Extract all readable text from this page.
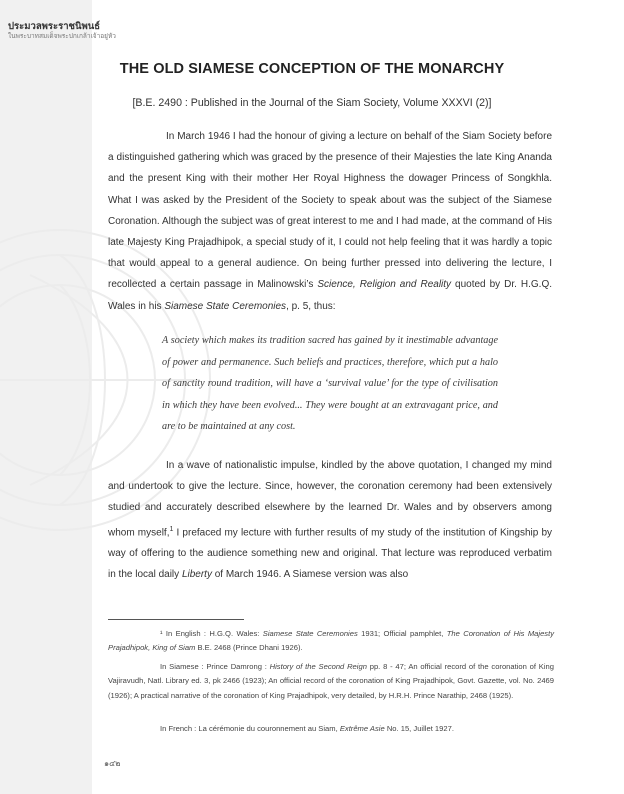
ประมวลพระราชนิพนธ์
ในพระบาทสมเด็จพระปกเกล้าเจ้าอยู่หัว
THE OLD SIAMESE CONCEPTION OF THE MONARCHY

[B.E. 2490 : Published in the Journal of the Siam Society, Volume XXXVI (2)]

In March 1946 I had the honour of giving a lecture on behalf of the Siam Society before a distinguished gathering which was graced by the presence of their Majesties the late King Ananda and the present King with their mother Her Royal Highness the dowager Princess of Songkhla. What I was asked by the President of the Society to speak about was the subject of the Siamese Coronation. Although the subject was of great interest to me and I had made, at the command of His late Majesty King Prajadhipok, a special study of it, I could not help feeling that it was hardly a topic that would appeal to a general audience. On being further pressed into delivering the lecture, I recollected a certain passage in Malinowski’s Science, Religion and Reality quoted by Dr. H.G.Q. Wales in his Siamese State Ceremonies, p. 5, thus:

A society which makes its tradition sacred has gained by it inestimable advantage of power and permanence. Such beliefs and practices, therefore, which put a halo of sanctity round tradition, will have a ‘survival value’ for the type of civilisation in which they have been evolved... They were bought at an extravagant price, and are to be maintained at any cost.

In a wave of nationalistic impulse, kindled by the above quotation, I changed my mind and undertook to give the lecture. Since, however, the coronation ceremony had been extensively studied and accurately described elsewhere by the learned Dr. Wales and by observers among whom myself,$^1$ I prefaced my lecture with further results of my study of the institution of Kingship by way of offering to the audience something new and original. That lecture was reproduced verbatim in the local daily Liberty of March 1946. A Siamese version was also

¹ In English : H.G.Q. Wales: Siamese State Ceremonies 1931; Official pamphlet, The Coronation of His Majesty Prajadhipok, King of Siam B.E. 2468 (Prince Dhani 1926).

In Siamese : Prince Damrong : History of the Second Reign pp. 8 - 47; An official record of the coronation of King Vajiravudh, Natl. Library ed. 3, pk 2466 (1923); An official record of the coronation of King Prajadhipok, Govt. Gazette, vol. No. 2469 (1926); A practical narrative of the coronation of King Prajadhipok, very detailed, by H.R.H. Prince Narathip, 2468 (1925).

In French : La cérémonie du couronnement au Siam, Extrême Asie No. 15, Juillet 1927.

๑๔๒
